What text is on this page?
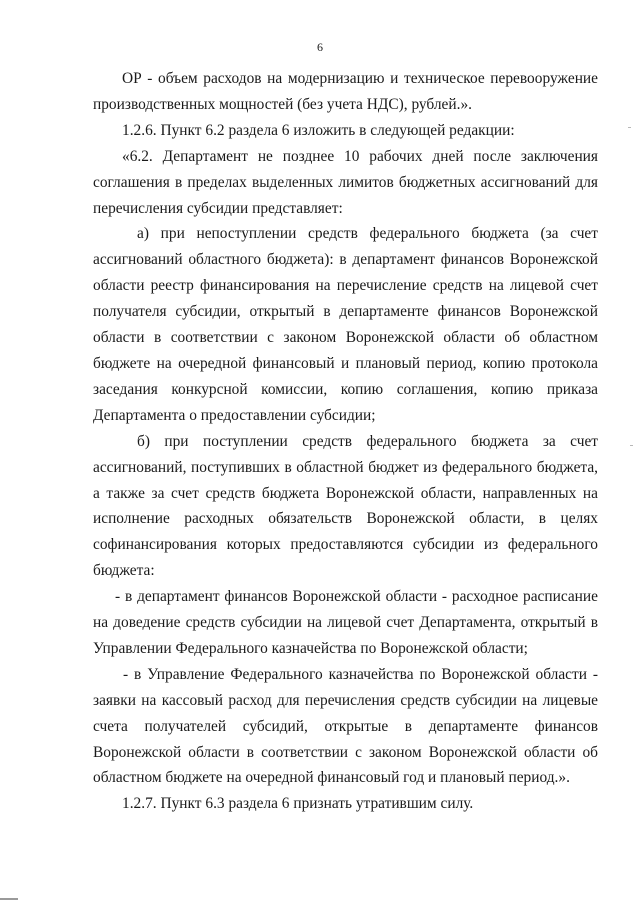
6

ОР - объем расходов на модернизацию и техническое перевооружение производственных мощностей (без учета НДС), рублей.».

1.2.6. Пункт 6.2 раздела 6 изложить в следующей редакции:

«6.2. Департамент не позднее 10 рабочих дней после заключения соглашения в пределах выделенных лимитов бюджетных ассигнований для перечисления субсидии представляет:

а) при непоступлении средств федерального бюджета (за счет ассигнований областного бюджета): в департамент финансов Воронежской области реестр финансирования на перечисление средств на лицевой счет получателя субсидии, открытый в департаменте финансов Воронежской области в соответствии с законом Воронежской области об областном бюджете на очередной финансовый и плановый период, копию протокола заседания конкурсной комиссии, копию соглашения, копию приказа Департамента о предоставлении субсидии;

б) при поступлении средств федерального бюджета за счет ассигнований, поступивших в областной бюджет из федерального бюджета, а также за счет средств бюджета Воронежской области, направленных на исполнение расходных обязательств Воронежской области, в целях софинансирования которых предоставляются субсидии из федерального бюджета:

- в департамент финансов Воронежской области - расходное расписание на доведение средств субсидии на лицевой счет Департамента, открытый в Управлении Федерального казначейства по Воронежской области;

- в Управление Федерального казначейства по Воронежской области - заявки на кассовый расход для перечисления средств субсидии на лицевые счета получателей субсидий, открытые в департаменте финансов Воронежской области в соответствии с законом Воронежской области об областном бюджете на очередной финансовый год и плановый период.».

1.2.7. Пункт 6.3 раздела 6 признать утратившим силу.
